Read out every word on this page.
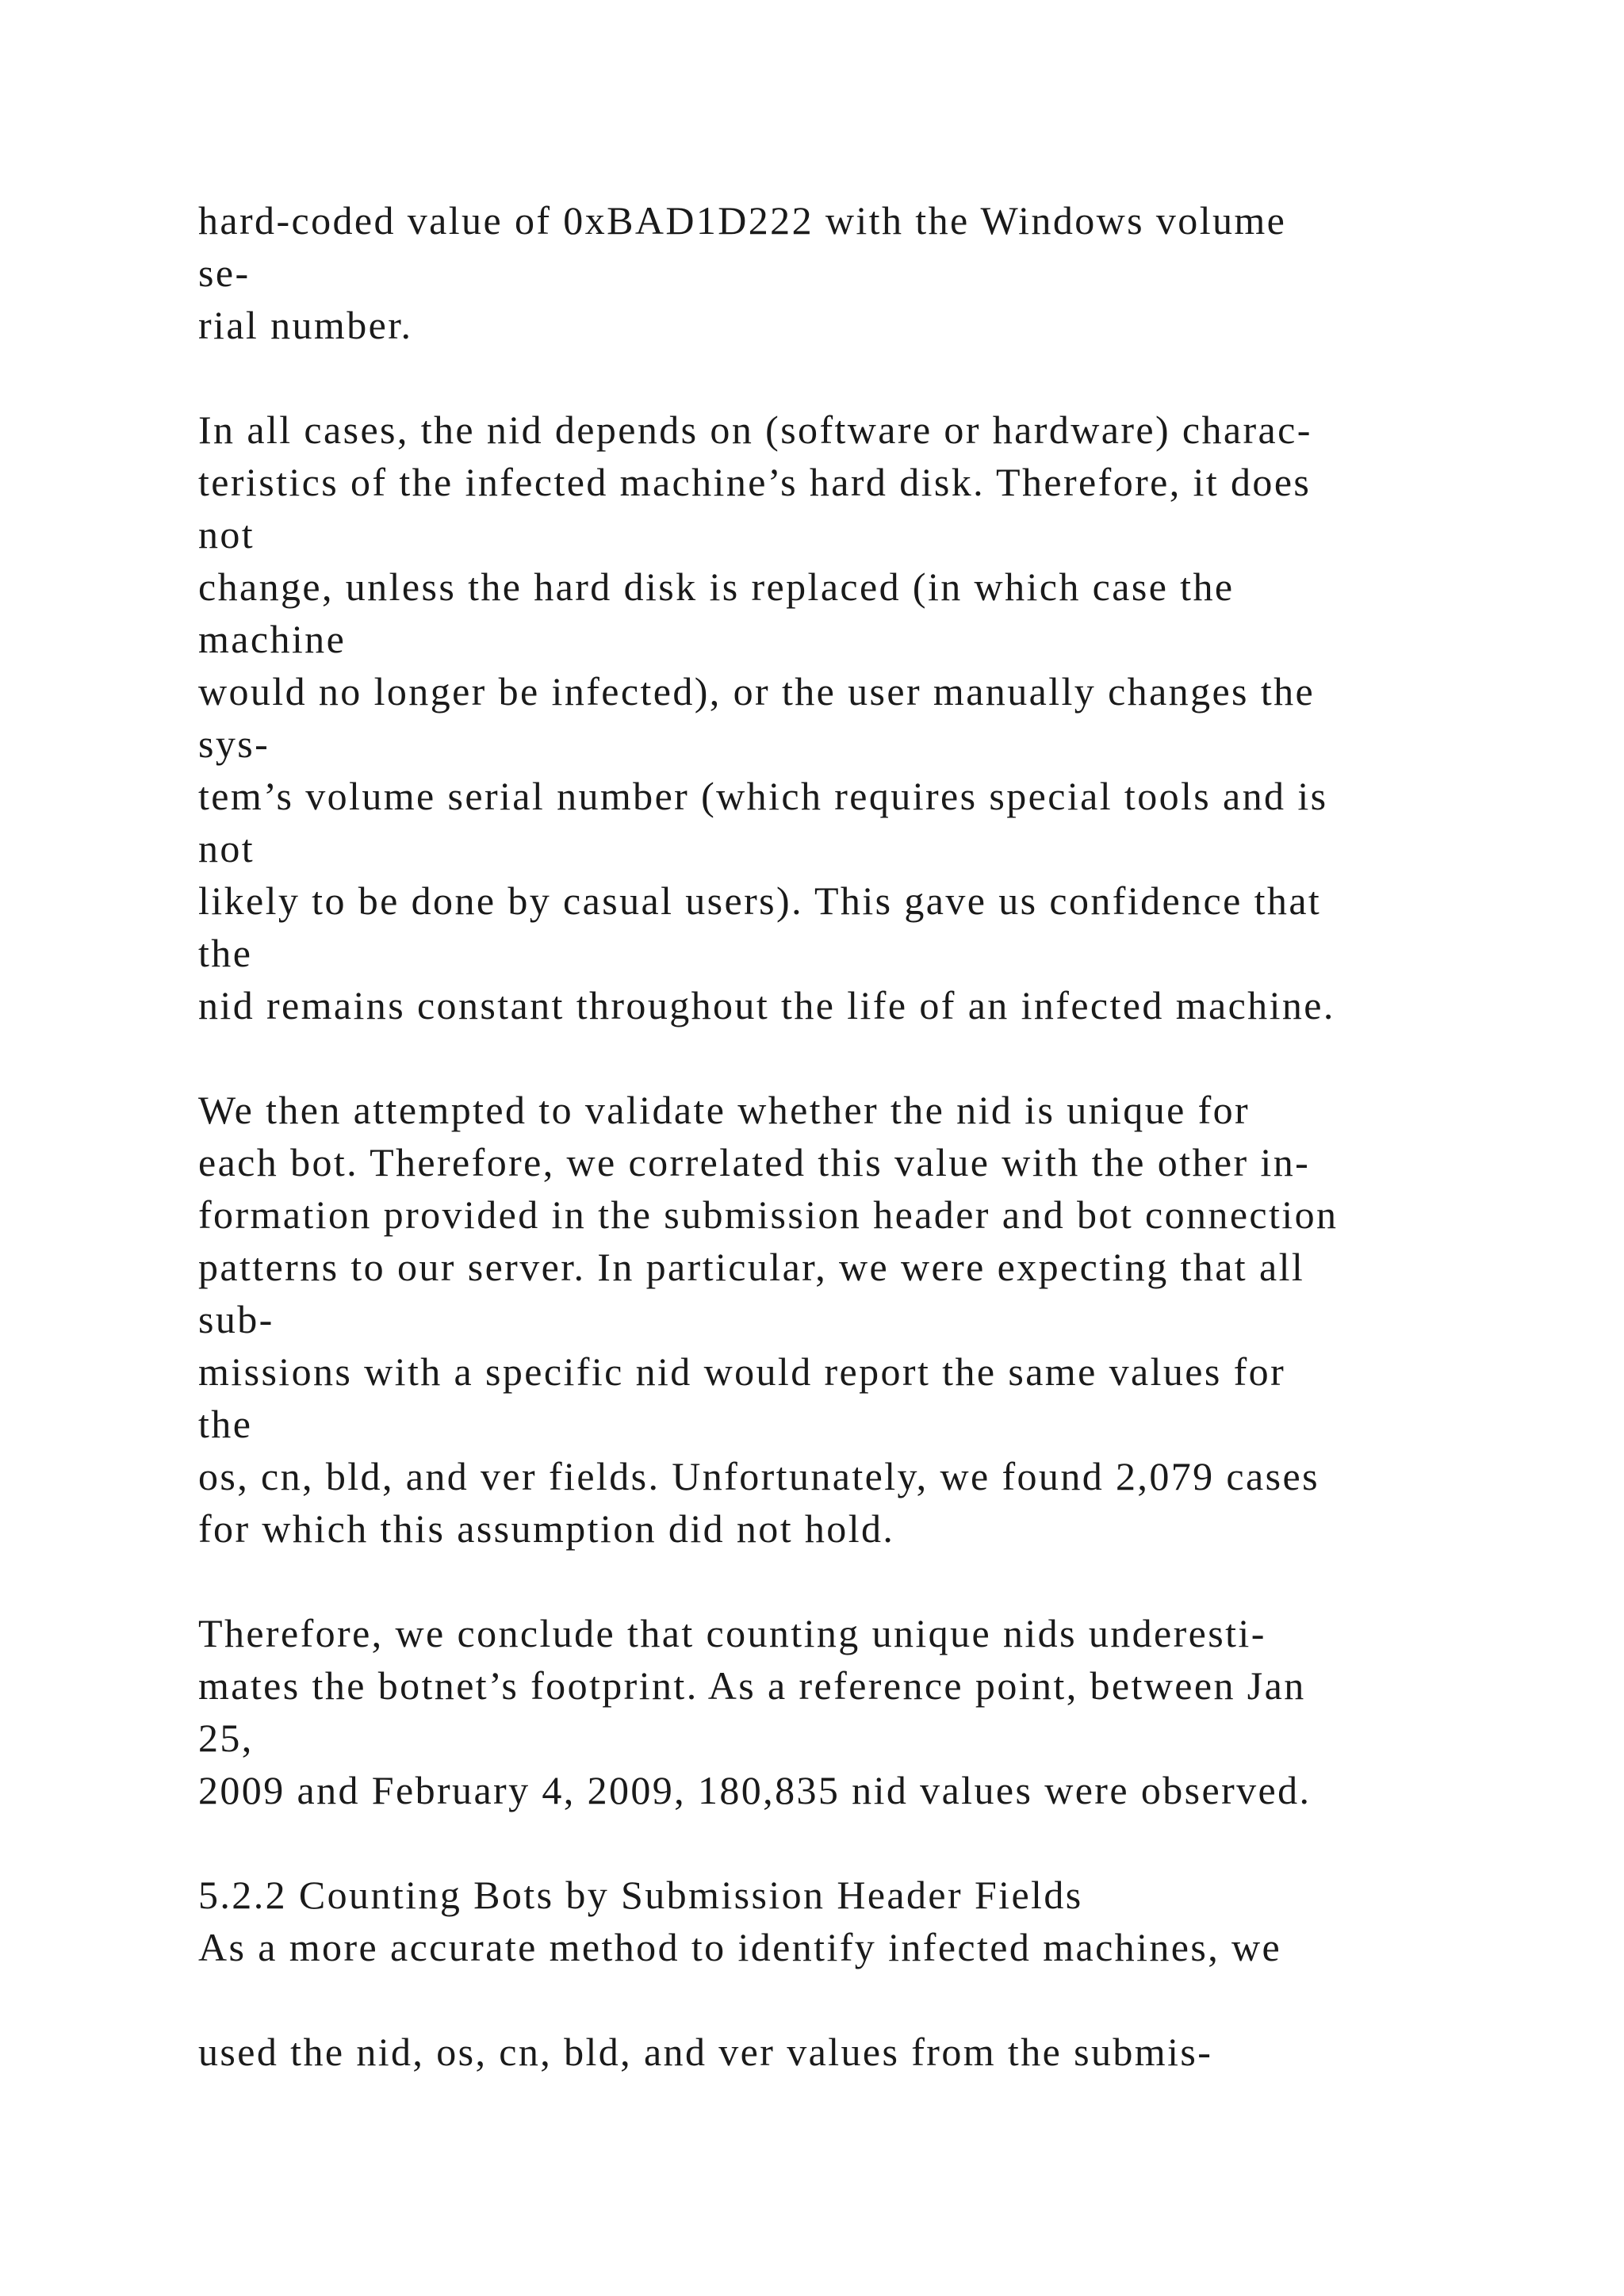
hard-coded value of 0xBAD1D222 with the Windows volume
se-
rial number.
In all cases, the nid depends on (software or hardware) charac-
teristics of the infected machine’s hard disk. Therefore, it does
not
change, unless the hard disk is replaced (in which case the
machine
would no longer be infected), or the user manually changes the
sys-
tem’s volume serial number (which requires special tools and is
not
likely to be done by casual users). This gave us confidence that
the
nid remains constant throughout the life of an infected machine.
We then attempted to validate whether the nid is unique for
each bot. Therefore, we correlated this value with the other in-
formation provided in the submission header and bot connection
patterns to our server. In particular, we were expecting that all
sub-
missions with a specific nid would report the same values for
the
os, cn, bld, and ver fields. Unfortunately, we found 2,079 cases
for which this assumption did not hold.
Therefore, we conclude that counting unique nids underesti-
mates the botnet’s footprint. As a reference point, between Jan
25,
2009 and February 4, 2009, 180,835 nid values were observed.
5.2.2 Counting Bots by Submission Header Fields
As a more accurate method to identify infected machines, we
used the nid, os, cn, bld, and ver values from the submis-
